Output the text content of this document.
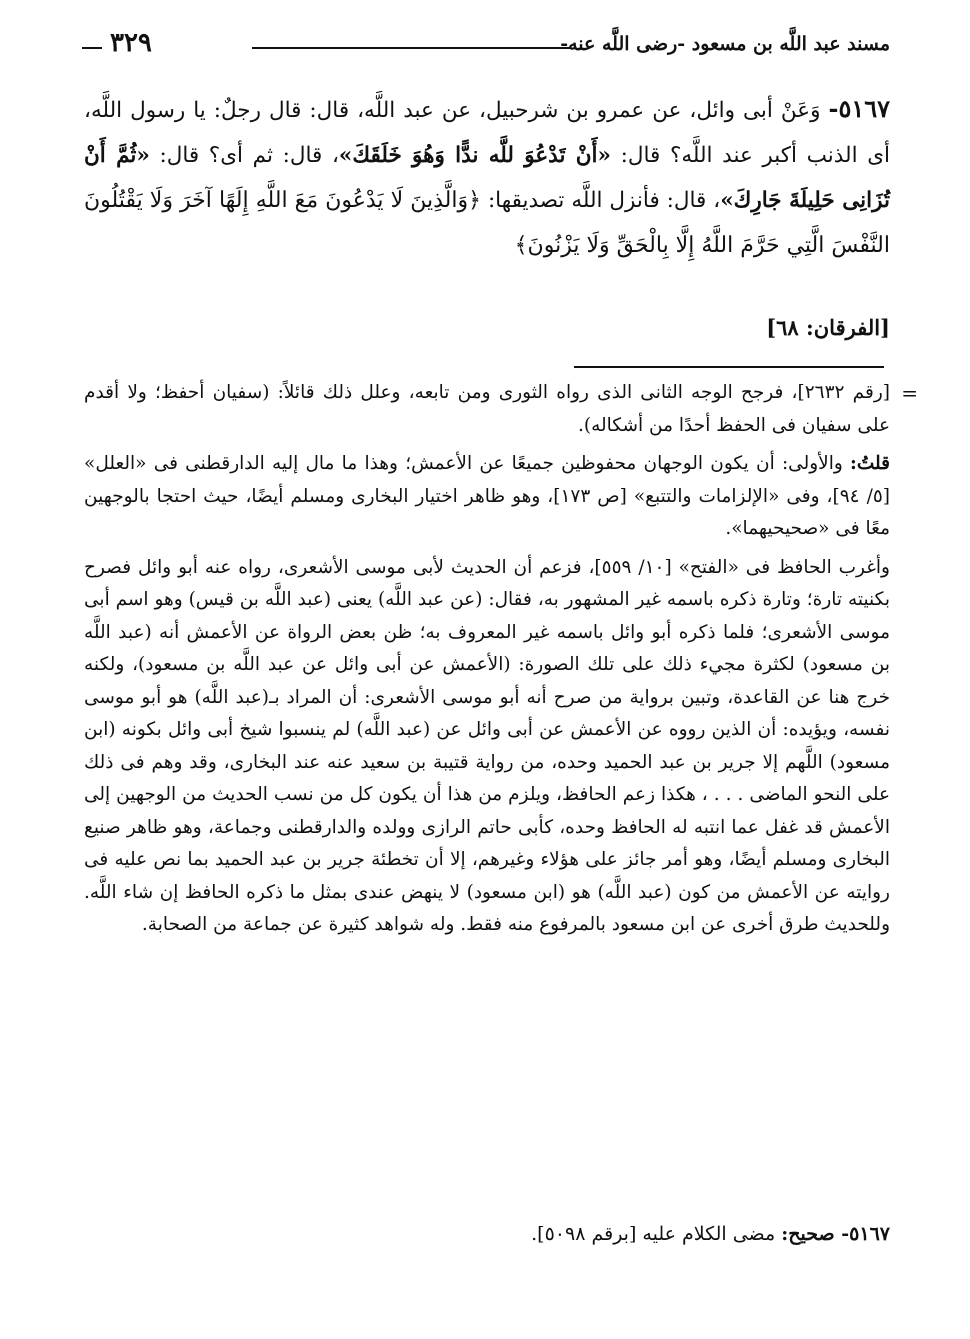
مسند عبد اللَّه بن مسعود -رضى اللَّه عنه-
٣٢٩

٥١٦٧- وَعَنْ أبى وائل، عن عمرو بن شرحبيل، عن عبد اللَّه، قال: قال رجلٌ: يا رسول اللَّه، أى الذنب أكبر عند اللَّه؟ قال: «أَنْ تَدْعُوَ للَّه ندًّا وَهُوَ خَلَقَكَ»، قال: ثم أى؟ قال: «ثُمَّ أَنْ تُزَانِى حَلِيلَةَ جَارِكَ»، قال: فأنزل اللَّه تصديقها: ﴿وَالَّذِينَ لَا يَدْعُونَ مَعَ اللَّهِ إِلَهًا آخَرَ وَلَا يَقْتُلُونَ النَّفْسَ الَّتِي حَرَّمَ اللَّهُ إِلَّا بِالْحَقِّ وَلَا يَزْنُونَ﴾

[الفرقان: ٦٨]
=

[رقم ٢٦٣٢]، فرجح الوجه الثانى الذى رواه الثورى ومن تابعه، وعلل ذلك قائلاً: (سفيان أحفظ؛ ولا أقدم على سفيان فى الحفظ أحدًا من أشكاله).

قلتُ: والأولى: أن يكون الوجهان محفوظين جميعًا عن الأعمش؛ وهذا ما مال إليه الدارقطنى فى «العلل» [٥/ ٩٤]، وفى «الإلزامات والتتبع» [ص ١٧٣]، وهو ظاهر اختيار البخارى ومسلم أيضًا، حيث احتجا بالوجهين معًا فى «صحيحيهما».

وأغرب الحافظ فى «الفتح» [١٠/ ٥٥٩]، فزعم أن الحديث لأبى موسى الأشعرى، رواه عنه أبو وائل فصرح بكنيته تارة؛ وتارة ذكره باسمه غير المشهور به، فقال: (عن عبد اللَّه) يعنى (عبد اللَّه بن قيس) وهو اسم أبى موسى الأشعرى؛ فلما ذكره أبو وائل باسمه غير المعروف به؛ ظن بعض الرواة عن الأعمش أنه (عبد اللَّه بن مسعود) لكثرة مجيء ذلك على تلك الصورة: (الأعمش عن أبى وائل عن عبد اللَّه بن مسعود)، ولكنه خرج هنا عن القاعدة، وتبين برواية من صرح أنه أبو موسى الأشعرى: أن المراد بـ(عبد اللَّه) هو أبو موسى نفسه، ويؤيده: أن الذين رووه عن الأعمش عن أبى وائل عن (عبد اللَّه) لم ينسبوا شيخ أبى وائل بكونه (ابن مسعود) اللَّهم إلا جرير بن عبد الحميد وحده، من رواية قتيبة بن سعيد عنه عند البخارى، وقد وهم فى ذلك على النحو الماضى . . . ، هكذا زعم الحافظ، ويلزم من هذا أن يكون كل من نسب الحديث من الوجهين إلى الأعمش قد غفل عما انتبه له الحافظ وحده، كأبى حاتم الرازى وولده والدارقطنى وجماعة، وهو ظاهر صنيع البخارى ومسلم أيضًا، وهو أمر جائز على هؤلاء وغيرهم، إلا أن تخطئة جرير بن عبد الحميد بما نص عليه فى روايته عن الأعمش من كون (عبد اللَّه) هو (ابن مسعود) لا ينهض عندى بمثل ما ذكره الحافظ إن شاء اللَّه. وللحديث طرق أخرى عن ابن مسعود بالمرفوع منه فقط. وله شواهد كثيرة عن جماعة من الصحابة.

٥١٦٧- صحيح: مضى الكلام عليه [برقم ٥٠٩٨].
